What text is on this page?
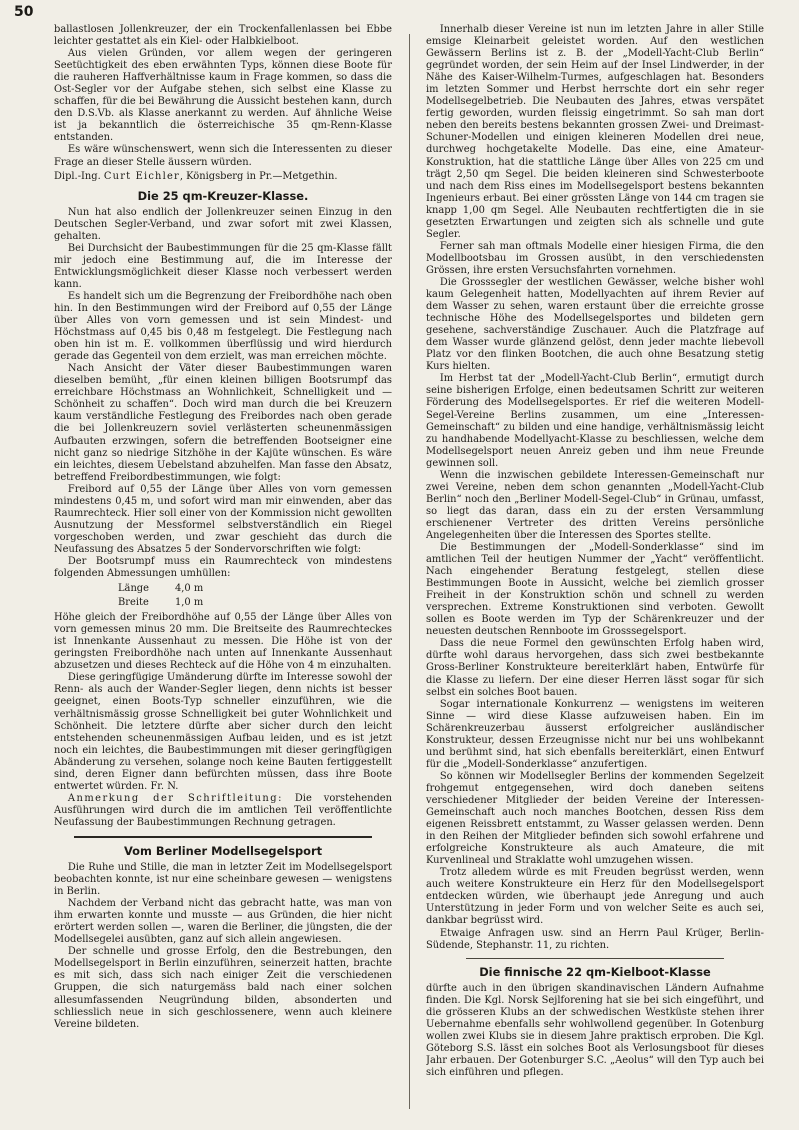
50

ballastlosen Jollenkreuzer, der ein Trockenfallenlassen bei Ebbe leichter gestattet als ein Kiel- oder Halbkielboot.

Aus vielen Gründen, vor allem wegen der geringeren Seetüchtigkeit des eben erwähnten Typs, können diese Boote für die rauheren Haffverhältnisse kaum in Frage kommen, so dass die Ost-Segler vor der Aufgabe stehen, sich selbst eine Klasse zu schaffen, für die bei Bewährung die Aussicht bestehen kann, durch den D.S.Vb. als Klasse anerkannt zu werden. Auf ähnliche Weise ist ja bekanntlich die österreichische 35 qm-Renn-Klasse entstanden.

Es wäre wünschenswert, wenn sich die Interessenten zu dieser Frage an dieser Stelle äussern würden.

Dipl.-Ing. Curt Eichler, Königsberg in Pr.—Metgethin.

Die 25 qm-Kreuzer-Klasse.

Nun hat also endlich der Jollenkreuzer seinen Einzug in den Deutschen Segler-Verband, und zwar sofort mit zwei Klassen, gehalten.

Bei Durchsicht der Baubestimmungen für die 25 qm-Klasse fällt mir jedoch eine Bestimmung auf, die im Interesse der Entwicklungsmöglichkeit dieser Klasse noch verbessert werden kann.

Es handelt sich um die Begrenzung der Freibordhöhe nach oben hin. In den Bestimmungen wird der Freibord auf 0,55 der Länge über Alles von vorn gemessen und ist sein Mindest- und Höchstmass auf 0,45 bis 0,48 m festgelegt. Die Festlegung nach oben hin ist m. E. vollkommen überflüssig und wird hierdurch gerade das Gegenteil von dem erzielt, was man erreichen möchte.

Nach Ansicht der Väter dieser Baubestimmungen waren dieselben bemüht, „für einen kleinen billigen Bootsrumpf das erreichbare Höchstmass an Wohnlichkeit, Schnelligkeit und — Schönheit zu schaffen“. Doch wird man durch die bei Kreuzern kaum verständliche Festlegung des Freibordes nach oben gerade die bei Jollenkreuzern soviel verlästerten scheunenmässigen Aufbauten erzwingen, sofern die betreffenden Bootseigner eine nicht ganz so niedrige Sitzhöhe in der Kajüte wünschen. Es wäre ein leichtes, diesem Uebelstand abzuhelfen. Man fasse den Absatz, betreffend Freibordbestimmungen, wie folgt:

Freibord auf 0,55 der Länge über Alles von vorn gemessen mindestens 0,45 m, und sofort wird man mir einwenden, aber das Raumrechteck. Hier soll einer von der Kommission nicht gewollten Ausnutzung der Messformel selbstverständlich ein Riegel vorgeschoben werden, und zwar geschieht das durch die Neufassung des Absatzes 5 der Sondervorschriften wie folgt:

Der Bootsrumpf muss ein Raumrechteck von mindestens folgenden Abmessungen umhüllen:

Länge	4,0 m
Breite	1,0 m

Höhe gleich der Freibordhöhe auf 0,55 der Länge über Alles von vorn gemessen minus 20 mm. Die Breitseite des Raumrechteckes ist Innenkante Aussenhaut zu messen. Die Höhe ist von der geringsten Freibordhöhe nach unten auf Innenkante Aussenhaut abzusetzen und dieses Rechteck auf die Höhe von 4 m einzuhalten.

Diese geringfügige Umänderung dürfte im Interesse sowohl der Renn- als auch der Wander-Segler liegen, denn nichts ist besser geeignet, einen Boots-Typ schneller einzuführen, wie die verhältnismässig grosse Schnelligkeit bei guter Wohnlichkeit und Schönheit. Die letztere dürfte aber sicher durch den leicht entstehenden scheunenmässigen Aufbau leiden, und es ist jetzt noch ein leichtes, die Baubestimmungen mit dieser geringfügigen Abänderung zu versehen, solange noch keine Bauten fertiggestellt sind, deren Eigner dann befürchten müssen, dass ihre Boote entwertet würden. Fr. N.

Anmerkung der Schriftleitung: Die vorstehenden Ausführungen wird durch die im amtlichen Teil veröffentlichte Neufassung der Baubestimmungen Rechnung getragen.

Vom Berliner Modellsegelsport

Die Ruhe und Stille, die man in letzter Zeit im Modellsegelsport beobachten konnte, ist nur eine scheinbare gewesen — wenigstens in Berlin.

Nachdem der Verband nicht das gebracht hatte, was man von ihm erwarten konnte und musste — aus Gründen, die hier nicht erörtert werden sollen —, waren die Berliner, die jüngsten, die der Modellsegelei ausübten, ganz auf sich allein angewiesen.

Der schnelle und grosse Erfolg, den die Bestrebungen, den Modellsegelsport in Berlin einzuführen, seinerzeit hatten, brachte es mit sich, dass sich nach einiger Zeit die verschiedenen Gruppen, die sich naturgemäss bald nach einer solchen allesumfassenden Neugründung bilden, absonderten und schliesslich neue in sich geschlossenere, wenn auch kleinere Vereine bildeten.

Innerhalb dieser Vereine ist nun im letzten Jahre in aller Stille emsige Kleinarbeit geleistet worden. Auf den westlichen Gewässern Berlins ist z. B. der „Modell-Yacht-Club Berlin“ gegründet worden, der sein Heim auf der Insel Lindwerder, in der Nähe des Kaiser-Wilhelm-Turmes, aufgeschlagen hat. Besonders im letzten Sommer und Herbst herrschte dort ein sehr reger Modellsegelbetrieb. Die Neubauten des Jahres, etwas verspätet fertig geworden, wurden fleissig eingetrimmt. So sah man dort neben den bereits bestens bekannten grossen Zwei- und Dreimast-Schuner-Modellen und einigen kleineren Modellen drei neue, durchweg hochgetakelte Modelle. Das eine, eine Amateur-Konstruktion, hat die stattliche Länge über Alles von 225 cm und trägt 2,50 qm Segel. Die beiden kleineren sind Schwesterboote und nach dem Riss eines im Modellsegelsport bestens bekannten Ingenieurs erbaut. Bei einer grössten Länge von 144 cm tragen sie knapp 1,00 qm Segel. Alle Neubauten rechtfertigten die in sie gesetzten Erwartungen und zeigten sich als schnelle und gute Segler.

Ferner sah man oftmals Modelle einer hiesigen Firma, die den Modellbootsbau im Grossen ausübt, in den verschiedensten Grössen, ihre ersten Versuchsfahrten vornehmen.

Die Grosssegler der westlichen Gewässer, welche bisher wohl kaum Gelegenheit hatten, Modellyachten auf ihrem Revier auf dem Wasser zu sehen, waren erstaunt über die erreichte grosse technische Höhe des Modellsegelsportes und bildeten gern gesehene, sachverständige Zuschauer. Auch die Platzfrage auf dem Wasser wurde glänzend gelöst, denn jeder machte liebevoll Platz vor den flinken Bootchen, die auch ohne Besatzung stetig Kurs hielten.

Im Herbst tat der „Modell-Yacht-Club Berlin“, ermutigt durch seine bisherigen Erfolge, einen bedeutsamen Schritt zur weiteren Förderung des Modellsegelsportes. Er rief die weiteren Modell-Segel-Vereine Berlins zusammen, um eine „Interessen-Gemeinschaft“ zu bilden und eine handige, verhältnismässig leicht zu handhabende Modellyacht-Klasse zu beschliessen, welche dem Modellsegelsport neuen Anreiz geben und ihm neue Freunde gewinnen soll.

Wenn die inzwischen gebildete Interessen-Gemeinschaft nur zwei Vereine, neben dem schon genannten „Modell-Yacht-Club Berlin“ noch den „Berliner Modell-Segel-Club“ in Grünau, umfasst, so liegt das daran, dass ein zu der ersten Versammlung erschienener Vertreter des dritten Vereins persönliche Angelegenheiten über die Interessen des Sportes stellte.

Die Bestimmungen der „Modell-Sonderklasse“ sind im amtlichen Teil der heutigen Nummer der „Yacht“ veröffentlicht. Nach eingehender Beratung festgelegt, stellen diese Bestimmungen Boote in Aussicht, welche bei ziemlich grosser Freiheit in der Konstruktion schön und schnell zu werden versprechen. Extreme Konstruktionen sind verboten. Gewollt sollen es Boote werden im Typ der Schärenkreuzer und der neuesten deutschen Rennboote im Grosssegelsport.

Dass die neue Formel den gewünschten Erfolg haben wird, dürfte wohl daraus hervorgehen, dass sich zwei bestbekannte Gross-Berliner Konstrukteure bereiterklärt haben, Entwürfe für die Klasse zu liefern. Der eine dieser Herren lässt sogar für sich selbst ein solches Boot bauen.

Sogar internationale Konkurrenz — wenigstens im weiteren Sinne — wird diese Klasse aufzuweisen haben. Ein im Schärenkreuzerbau äusserst erfolgreicher ausländischer Konstrukteur, dessen Erzeugnisse nicht nur bei uns wohlbekannt und berühmt sind, hat sich ebenfalls bereiterklärt, einen Entwurf für die „Modell-Sonderklasse“ anzufertigen.

So können wir Modellsegler Berlins der kommenden Segelzeit frohgemut entgegensehen, wird doch daneben seitens verschiedener Mitglieder der beiden Vereine der Interessen-Gemeinschaft auch noch manches Bootchen, dessen Riss dem eigenen Reissbrett entstammt, zu Wasser gelassen werden. Denn in den Reihen der Mitglieder befinden sich sowohl erfahrene und erfolgreiche Konstrukteure als auch Amateure, die mit Kurvenlineal und Straklatte wohl umzugehen wissen.

Trotz alledem würde es mit Freuden begrüsst werden, wenn auch weitere Konstrukteure ein Herz für den Modellsegelsport entdecken würden, wie überhaupt jede Anregung und auch Unterstützung in jeder Form und von welcher Seite es auch sei, dankbar begrüsst wird.

Etwaige Anfragen usw. sind an Herrn Paul Krüger, Berlin-Südende, Stephanstr. 11, zu richten.

Die finnische 22 qm-Kielboot-Klasse

dürfte auch in den übrigen skandinavischen Ländern Aufnahme finden. Die Kgl. Norsk Sejlforening hat sie bei sich eingeführt, und die grösseren Klubs an der schwedischen Westküste stehen ihrer Uebernahme ebenfalls sehr wohlwollend gegenüber. In Gotenburg wollen zwei Klubs sie in diesem Jahre praktisch erproben. Die Kgl. Göteborg S.S. lässt ein solches Boot als Verlosungsboot für dieses Jahr erbauen. Der Gotenburger S.C. „Aeolus“ will den Typ auch bei sich einführen und pflegen.
